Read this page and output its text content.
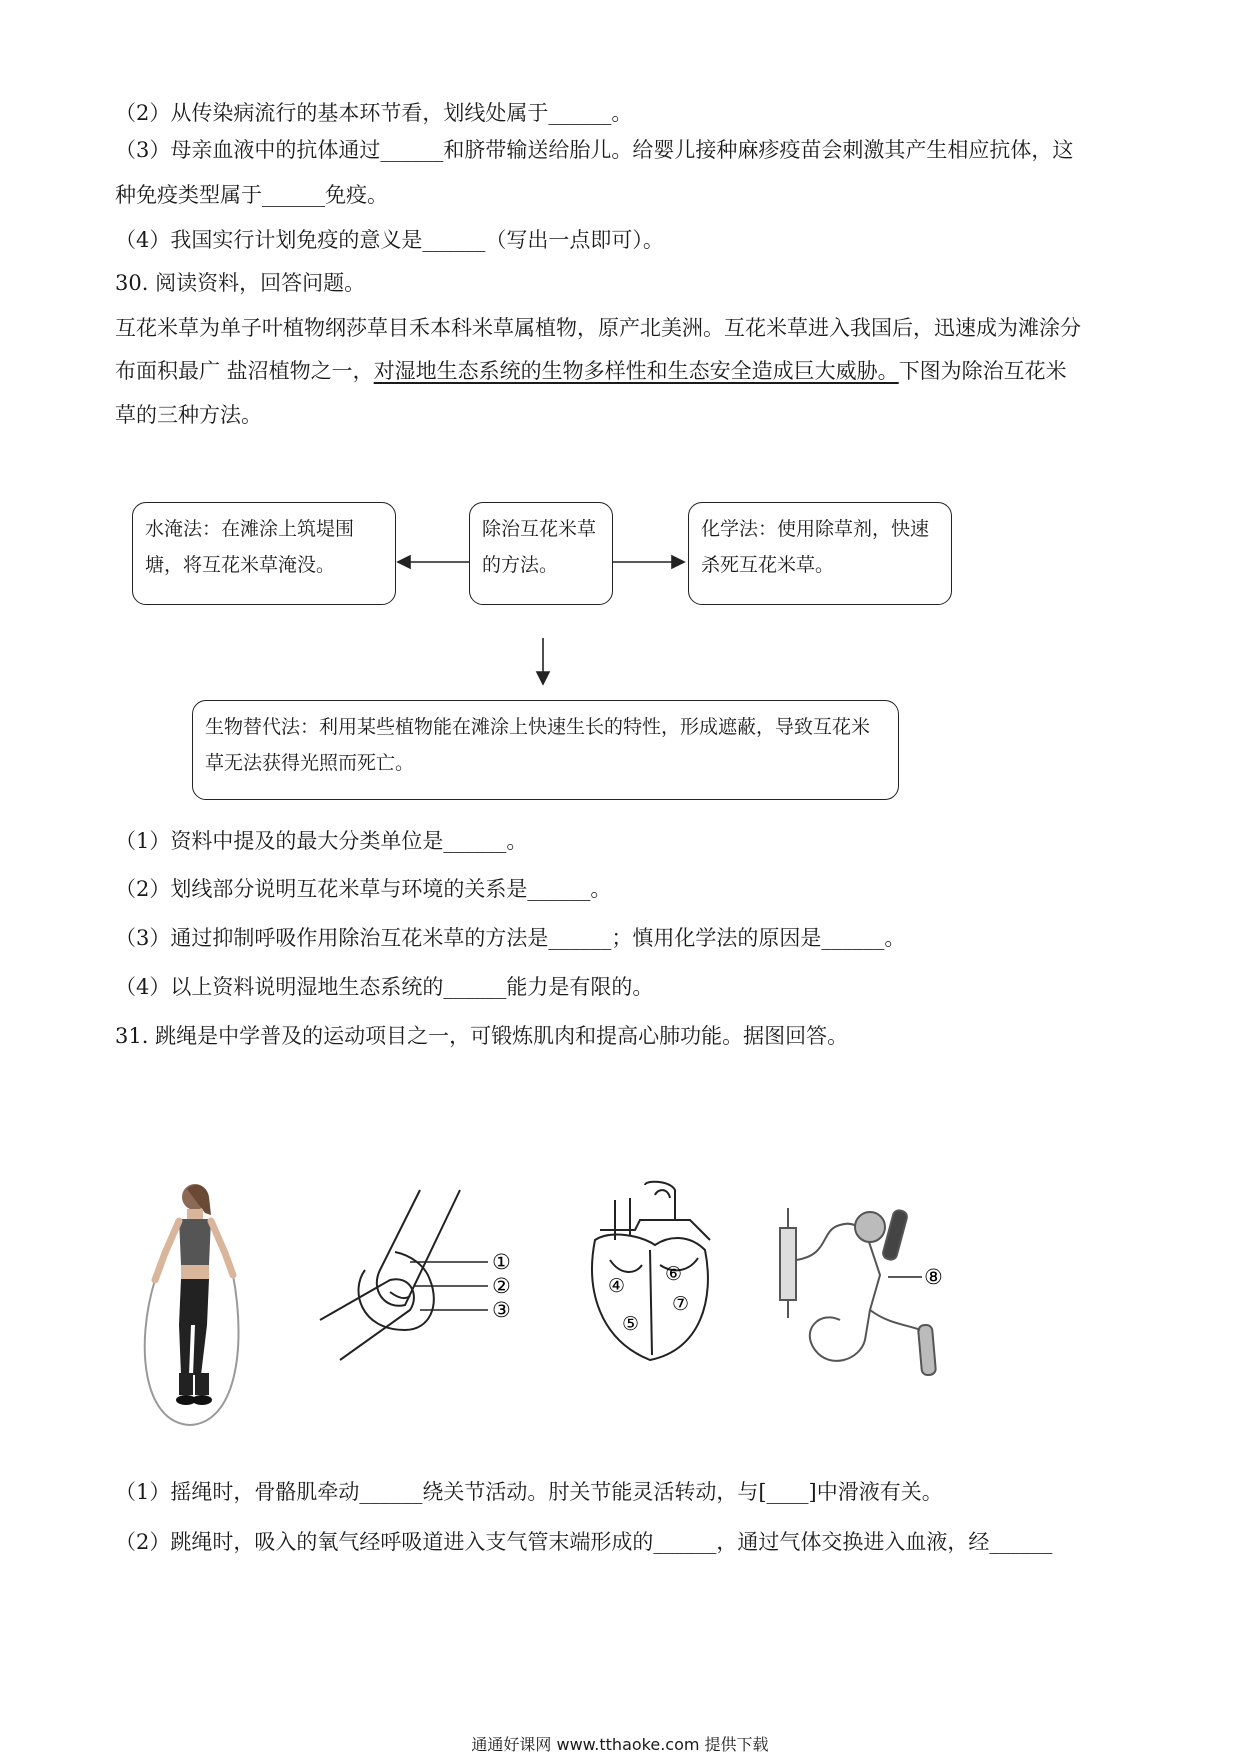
（2）从传染病流行的基本环节看，划线处属于______。
（3）母亲血液中的抗体通过______和脐带输送给胎儿。给婴儿接种麻疹疫苗会刺激其产生相应抗体，这
种免疫类型属于______免疫。
（4）我国实行计划免疫的意义是______（写出一点即可）。
30. 阅读资料，回答问题。
互花米草为单子叶植物纲莎草目禾本科米草属植物，原产北美洲。互花米草进入我国后，迅速成为滩涂分
布面积最广 盐沼植物之一，对湿地生态系统的生物多样性和生态安全造成巨大威胁。下图为除治互花米
草的三种方法。
水淹法：在滩涂上筑堤围塘，将互花米草淹没。
除治互花米草的方法。
化学法：使用除草剂，快速杀死互花米草。
生物替代法：利用某些植物能在滩涂上快速生长的特性，形成遮蔽，导致互花米草无法获得光照而死亡。
（1）资料中提及的最大分类单位是______。
（2）划线部分说明互花米草与环境的关系是______。
（3）通过抑制呼吸作用除治互花米草的方法是______；慎用化学法的原因是______。
（4）以上资料说明湿地生态系统的______能力是有限的。
31. 跳绳是中学普及的运动项目之一，可锻炼肌肉和提高心肺功能。据图回答。
①
②
③
④
⑤
⑥
⑦
⑧
（1）摇绳时，骨骼肌牵动______绕关节活动。肘关节能灵活转动，与[____]中滑液有关。
（2）跳绳时，吸入的氧气经呼吸道进入支气管末端形成的______，通过气体交换进入血液，经______
通通好课网 www.tthaoke.com 提供下载
